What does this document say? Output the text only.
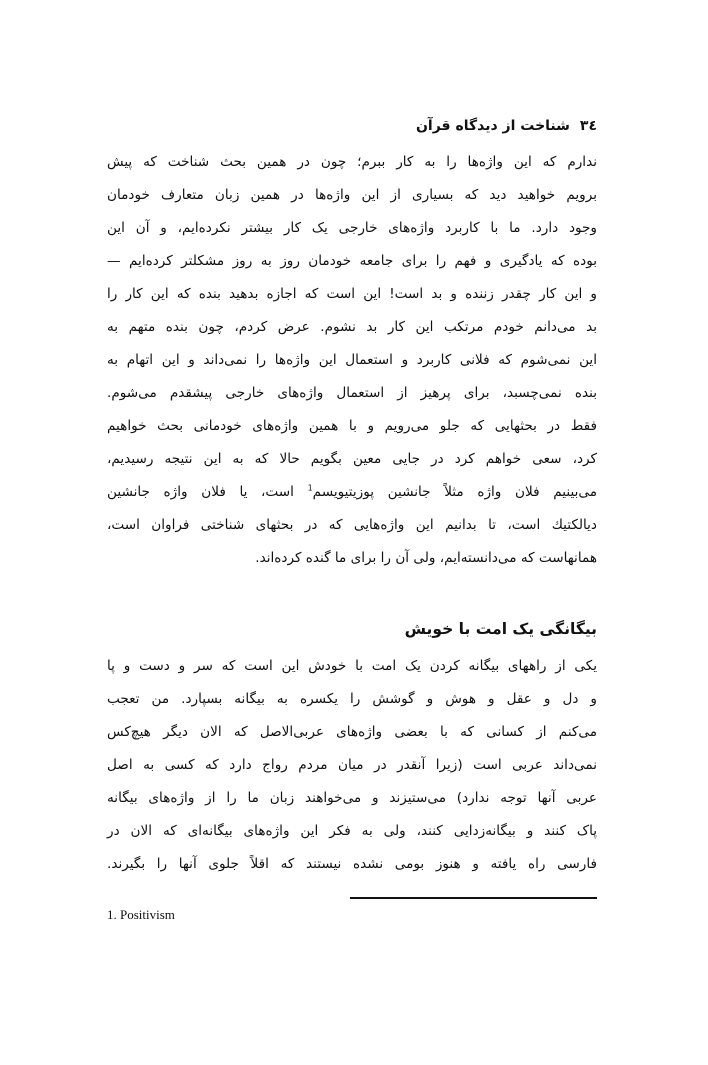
۳٤شناخت از دیدگاه قرآن
ندارم که این واژه‌ها را به کار ببرم؛ چون در همین بحث شناخت که پیش
برویم خواهید دید که بسیاری از این واژه‌ها در همین زبان متعارف خودمان
وجود دارد. ما با کاربرد واژه‌های خارجی یک کار بیشتر نکرده‌ایم، و آن این
بوده که یادگیری و فهم را برای جامعه خودمان روز به روز مشکلتر کرده‌ایم —
و این کار چقدر زننده و بد است! این است که اجازه بدهید بنده که این کار را
بد می‌دانم خودم مرتکب این کار بد نشوم. عرض کردم، چون بنده متهم به
این نمی‌شوم که فلانی کاربرد و استعمال این واژه‌ها را نمی‌داند و این اتهام به
بنده نمی‌چسبد، برای پرهیز از استعمال واژه‌های خارجی پیشقدم می‌شوم.
فقط در بحثهایی که جلو می‌رویم و با همین واژه‌های خودمانی بحث خواهیم
کرد، سعی خواهم کرد در جایی معین بگویم حالا که به این نتیجه رسیدیم،
می‌بینیم فلان واژه مثلاً جانشین پوزیتیویسم$^1$ است، یا فلان واژه جانشین
ديالكتيك است، تا بدانیم این واژه‌هایی که در بحثهای شناختی فراوان است،
همانهاست که می‌دانسته‌ایم، ولی آن را برای ما گنده کرده‌اند.
بیگانگی یک امت با خویش
یکی از راههای بیگانه کردن یک امت با خودش این است که سر و دست و پا
و دل و عقل و هوش و گوشش را یکسره به بیگانه بسپارد. من تعجب
می‌کنم از کسانی که با بعضی واژه‌های عربی‌الاصل که الان دیگر هیچ‌کس
نمی‌داند عربی است (زیرا آنقدر در میان مردم رواج دارد که کسی به اصل
عربی آنها توجه ندارد) می‌ستیزند و می‌خواهند زبان ما را از واژه‌های بیگانه
پاک کنند و بیگانه‌زدایی کنند، ولی به فکر این واژه‌های بیگانه‌ای که الان در
فارسی راه یافته و هنوز بومی نشده نیستند که اقلاً جلوی آنها را بگیرند.
1. Positivism
